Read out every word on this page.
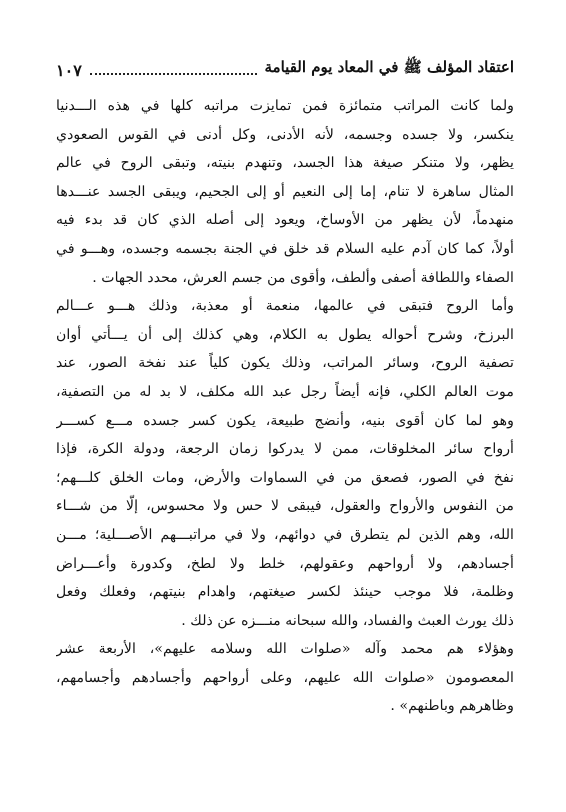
اعتقاد المؤلف ﷺ في المعاد يوم القيامة
١٠٧
ولما كانت المراتب متمائزة فمن تمايزت مراتبه كلها في هذه الـــدنيا
ينكسر، ولا جسده وجسمه، لأنه الأدنى، وكل أدنى في القوس الصعودي
يظهر، ولا متنكر صيغة هذا الجسد، وتنهدم بنيته، وتبقى الروح في عالم
المثال ساهرة لا تنام، إما إلى النعيم أو إلى الجحيم، ويبقى الجسد عنـــدها
منهدماً، لأن يظهر من الأوساخ، ويعود إلى أصله الذي كان قد بدء فيه
أولاً، كما كان آدم عليه السلام قد خلق في الجنة بجسمه وجسده، وهـــو في
الصفاء واللطافة أصفى وألطف، وأقوى من جسم العرش، محدد الجهات .
وأما الروح فتبقى في عالمها، منعمة أو معذبة، وذلك هـــو عـــالم
البرزخ، وشرح أحواله يطول به الكلام، وهي كذلك إلى أن يـــأتي أوان
تصفية الروح، وسائر المراتب، وذلك يكون كلياً عند نفخة الصور، عند
موت العالم الكلي، فإنه أيضاً رجل عبد الله مكلف، لا بد له من التصفية،
وهو لما كان أقوى بنيه، وأنضج طبيعة، يكون كسر جسده مـــع كســـر
أرواح سائر المخلوقات، ممن لا يدركوا زمان الرجعة، ودولة الكرة، فإذا
نفخ في الصور، فصعق من في السماوات والأرض، ومات الخلق كلـــهم؛
من النفوس والأرواح والعقول، فيبقى لا حس ولا محسوس، إلّا من شـــاء
الله، وهم الذين لم يتطرق في دوائهم، ولا في مراتبـــهم الأصـــلية؛ مـــن
أجسادهم، ولا أرواحهم وعقولهم، خلط ولا لطخ، وكدورة وأعـــراض
وظلمة، فلا موجب حينئذ لكسر صيغتهم، واهدام بنيتهم، وفعلك وفعل
ذلك يورث العبث والفساد، والله سبحانه منـــزه عن ذلك .
وهؤلاء هم محمد وآله «صلوات الله وسلامه عليهم»، الأربعة عشر
المعصومون «صلوات الله عليهم، وعلى أرواحهم وأجسادهم وأجسامهم،
وظاهرهم وباطنهم» .
